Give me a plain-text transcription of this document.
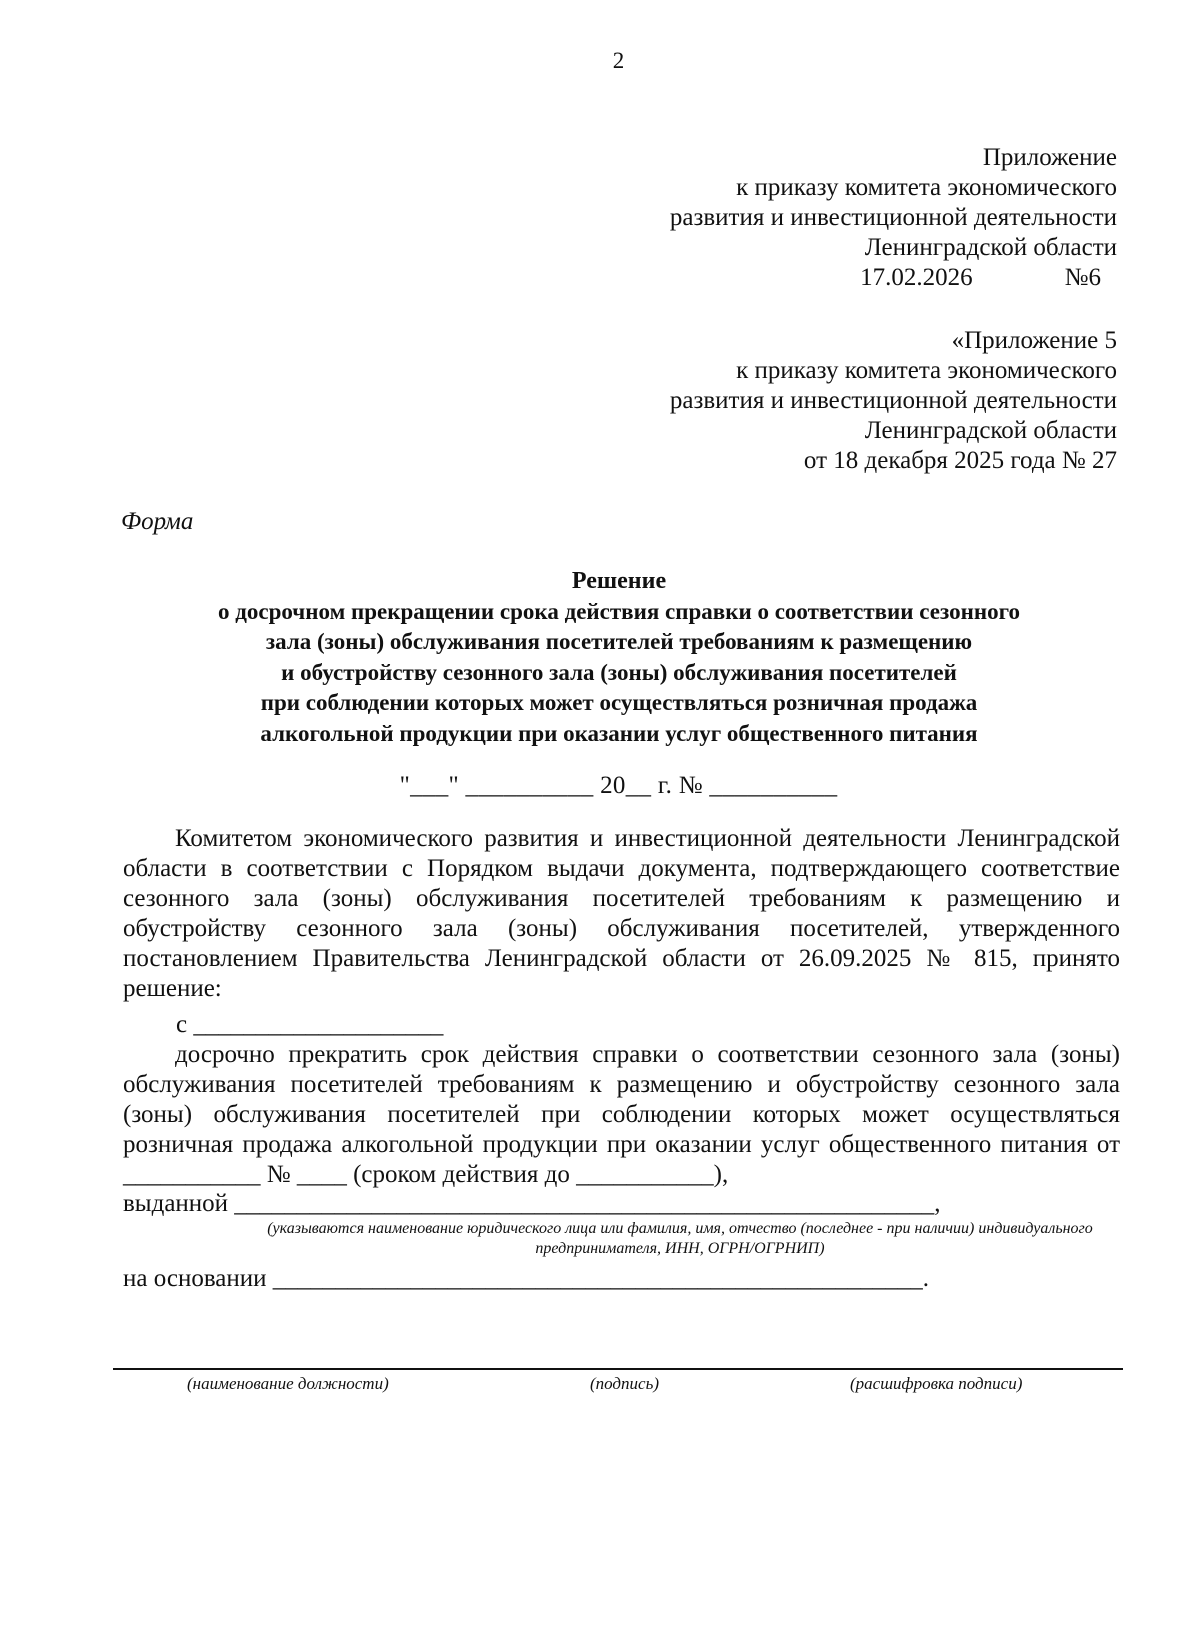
2
Приложение
к приказу комитета экономического
развития и инвестиционной деятельности
Ленинградской области
17.02.2026	№6
«Приложение 5
к приказу комитета экономического
развития и инвестиционной деятельности
Ленинградской области
от 18 декабря 2025 года № 27
Форма
Решение
о досрочном прекращении срока действия справки о соответствии сезонного
зала (зоны) обслуживания посетителей требованиям к размещению
и обустройству сезонного зала (зоны) обслуживания посетителей
при соблюдении которых может осуществляться розничная продажа
алкогольной продукции при оказании услуг общественного питания
"___" __________ 20__ г. № __________
Комитетом экономического развития и инвестиционной деятельности Ленинградской области в соответствии с Порядком выдачи документа, подтверждающего соответствие сезонного зала (зоны) обслуживания посетителей требованиям к размещению и обустройству сезонного зала (зоны) обслуживания посетителей, утвержденного постановлением Правительства Ленинградской области от 26.09.2025 № 815, принято решение:
с ____________________
досрочно прекратить срок действия справки о соответствии сезонного зала (зоны) обслуживания посетителей требованиям к размещению и обустройству сезонного зала (зоны) обслуживания посетителей при соблюдении которых может осуществляться розничная продажа алкогольной продукции при оказании услуг общественного питания от ___________ № ____ (сроком действия до ___________),
выданной ________________________________________________________,
(указываются наименование юридического лица или фамилия, имя, отчество (последнее - при наличии) индивидуального предпринимателя, ИНН, ОГРН/ОГРНИП)
на основании ____________________________________________________.
(наименование должности)	(подпись)	(расшифровка подписи)
